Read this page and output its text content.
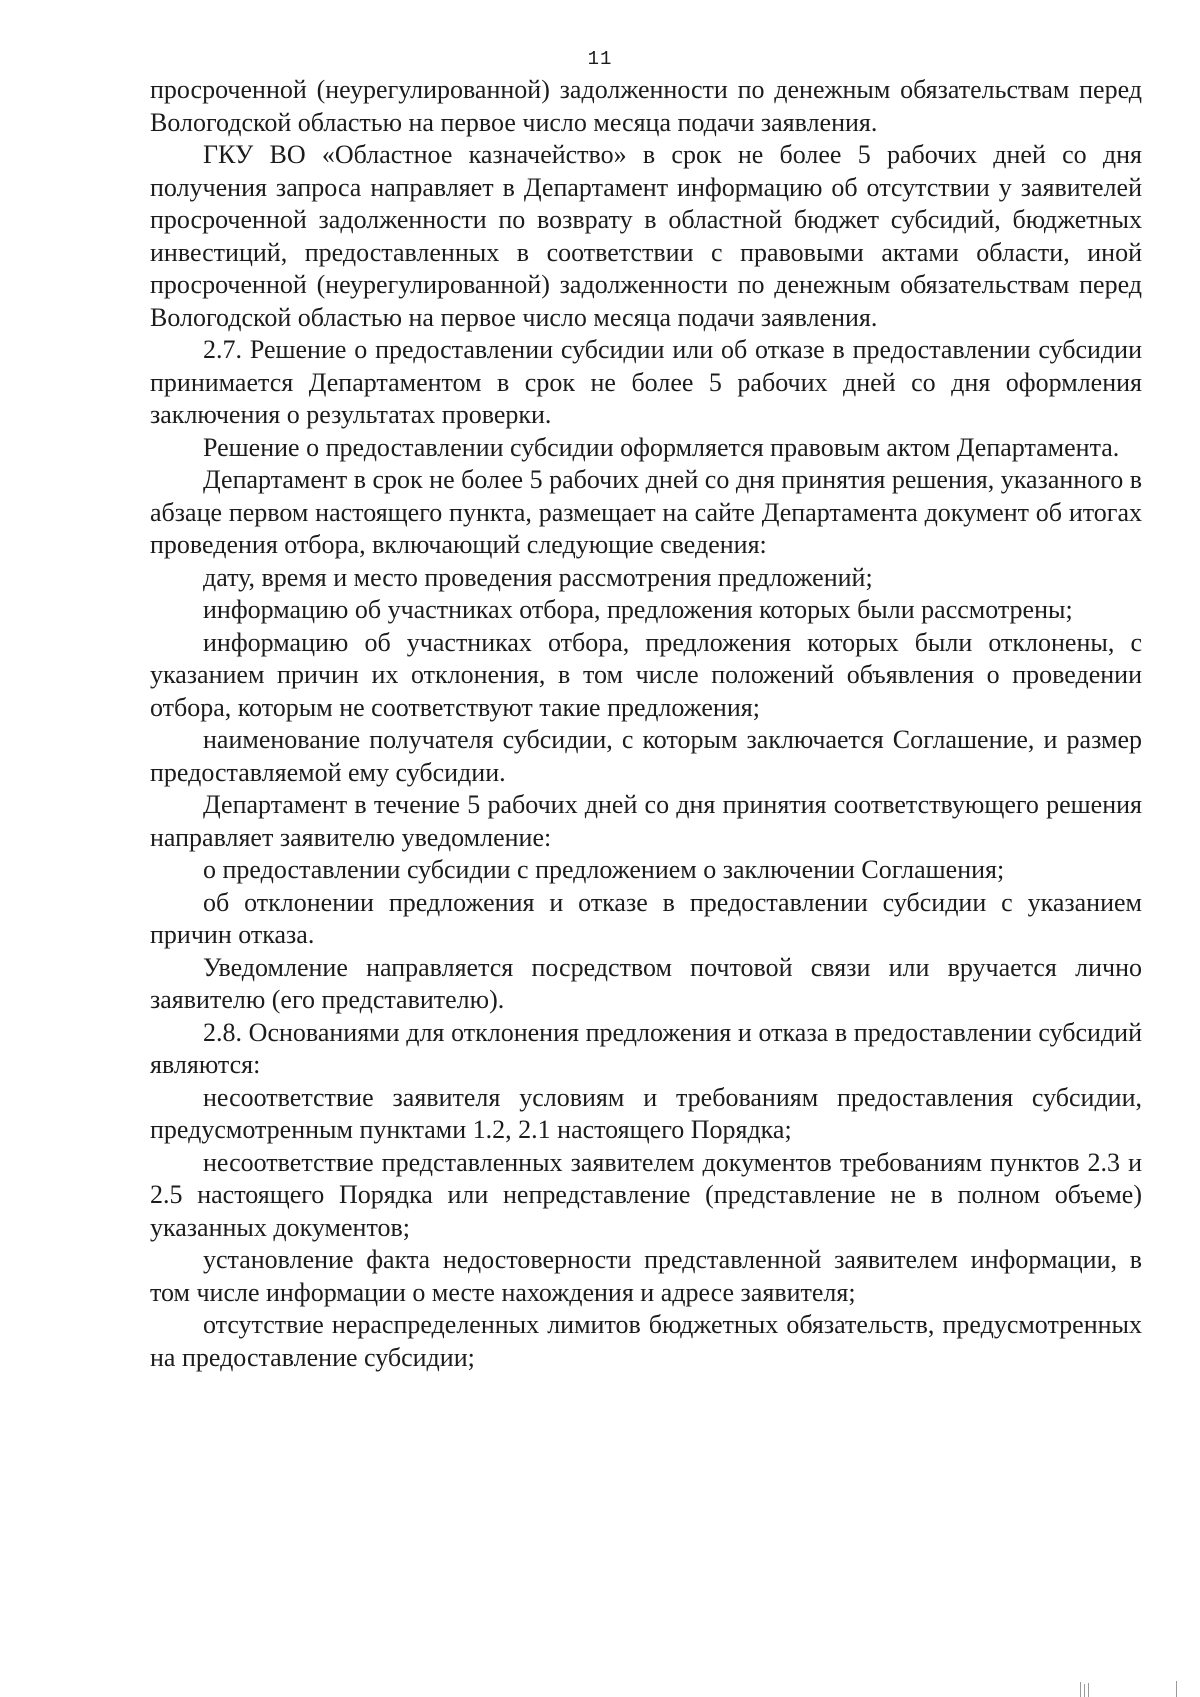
11

просроченной (неурегулированной) задолженности по денежным обязательствам перед Вологодской областью на первое число месяца подачи заявления.

ГКУ ВО «Областное казначейство» в срок не более 5 рабочих дней со дня получения запроса направляет в Департамент информацию об отсутствии у заявителей просроченной задолженности по возврату в областной бюджет субсидий, бюджетных инвестиций, предоставленных в соответствии с правовыми актами области, иной просроченной (неурегулированной) задолженности по денежным обязательствам перед Вологодской областью на первое число месяца подачи заявления.

2.7. Решение о предоставлении субсидии или об отказе в предоставлении субсидии принимается Департаментом в срок не более 5 рабочих дней со дня оформления заключения о результатах проверки.

Решение о предоставлении субсидии оформляется правовым актом Департамента.

Департамент в срок не более 5 рабочих дней со дня принятия решения, указанного в абзаце первом настоящего пункта, размещает на сайте Департамента документ об итогах проведения отбора, включающий следующие сведения:

дату, время и место проведения рассмотрения предложений;

информацию об участниках отбора, предложения которых были рассмотрены;

информацию об участниках отбора, предложения которых были отклонены, с указанием причин их отклонения, в том числе положений объявления о проведении отбора, которым не соответствуют такие предложения;

наименование получателя субсидии, с которым заключается Соглашение, и размер предоставляемой ему субсидии.

Департамент в течение 5 рабочих дней со дня принятия соответствующего решения направляет заявителю уведомление:

о предоставлении субсидии с предложением о заключении Соглашения;

об отклонении предложения и отказе в предоставлении субсидии с указанием причин отказа.

Уведомление направляется посредством почтовой связи или вручается лично заявителю (его представителю).

2.8. Основаниями для отклонения предложения и отказа в предоставлении субсидий являются:

несоответствие заявителя условиям и требованиям предоставления субсидии, предусмотренным пунктами 1.2, 2.1 настоящего Порядка;

несоответствие представленных заявителем документов требованиям пунктов 2.3 и 2.5 настоящего Порядка или непредставление (представление не в полном объеме) указанных документов;

установление факта недостоверности представленной заявителем информации, в том числе информации о месте нахождения и адресе заявителя;

отсутствие нераспределенных лимитов бюджетных обязательств, предусмотренных на предоставление субсидии;
